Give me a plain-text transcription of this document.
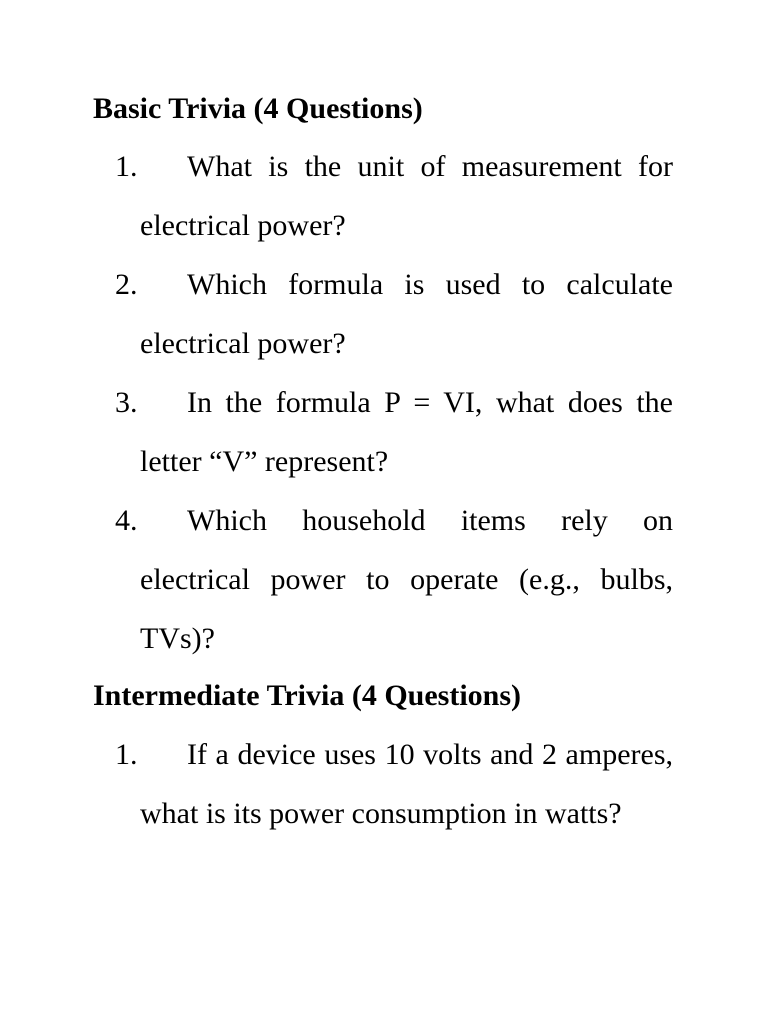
Basic Trivia (4 Questions)
1.	What is the unit of measurement for electrical power?
2.	Which formula is used to calculate electrical power?
3.	In the formula P = VI, what does the letter “V” represent?
4.	Which household items rely on electrical power to operate (e.g., bulbs, TVs)?
Intermediate Trivia (4 Questions)
1.	If a device uses 10 volts and 2 amperes, what is its power consumption in watts?
